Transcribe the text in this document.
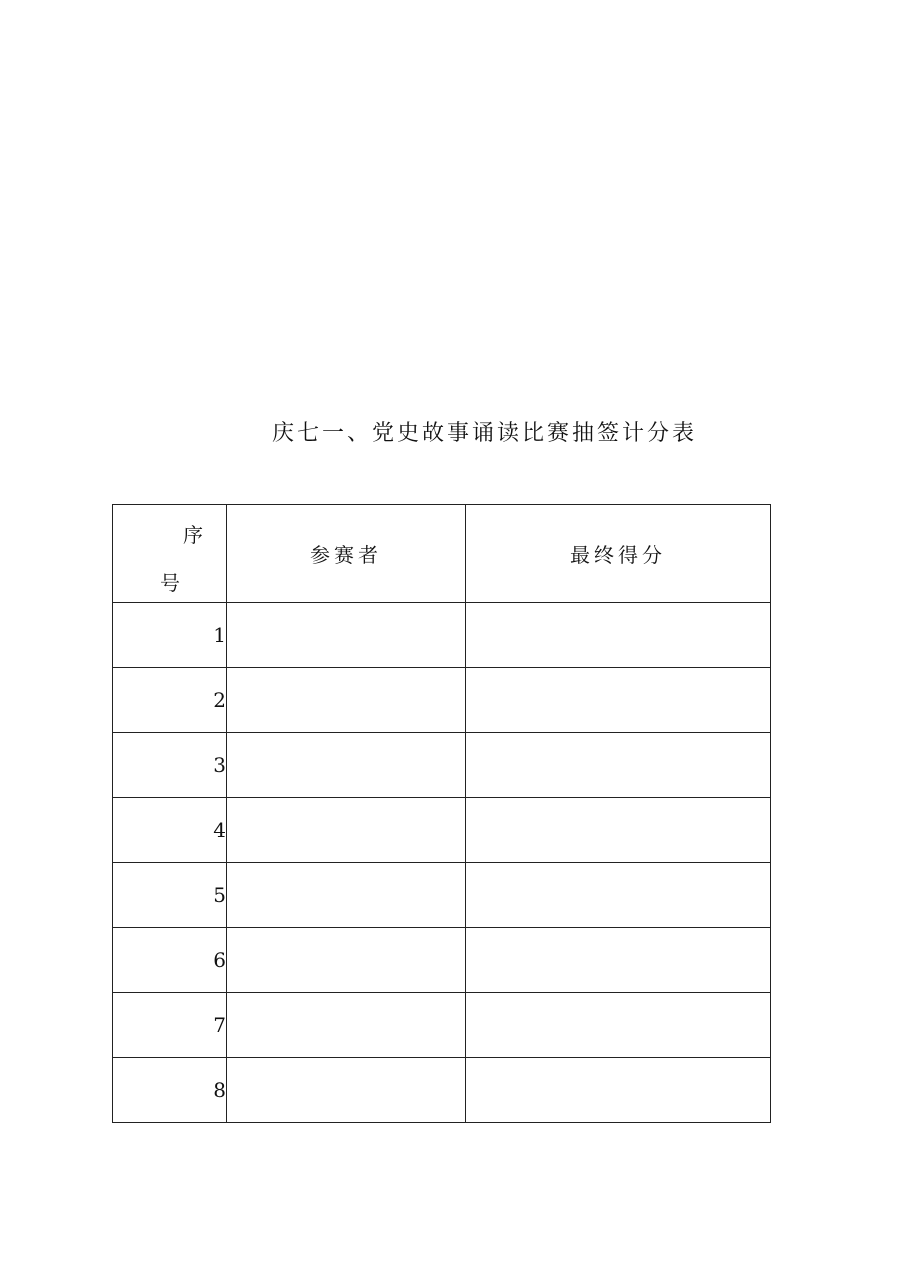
庆七一、党史故事诵读比赛抽签计分表
序
号	参赛者	最终得分
1		
2		
3		
4		
5		
6		
7		
8		
